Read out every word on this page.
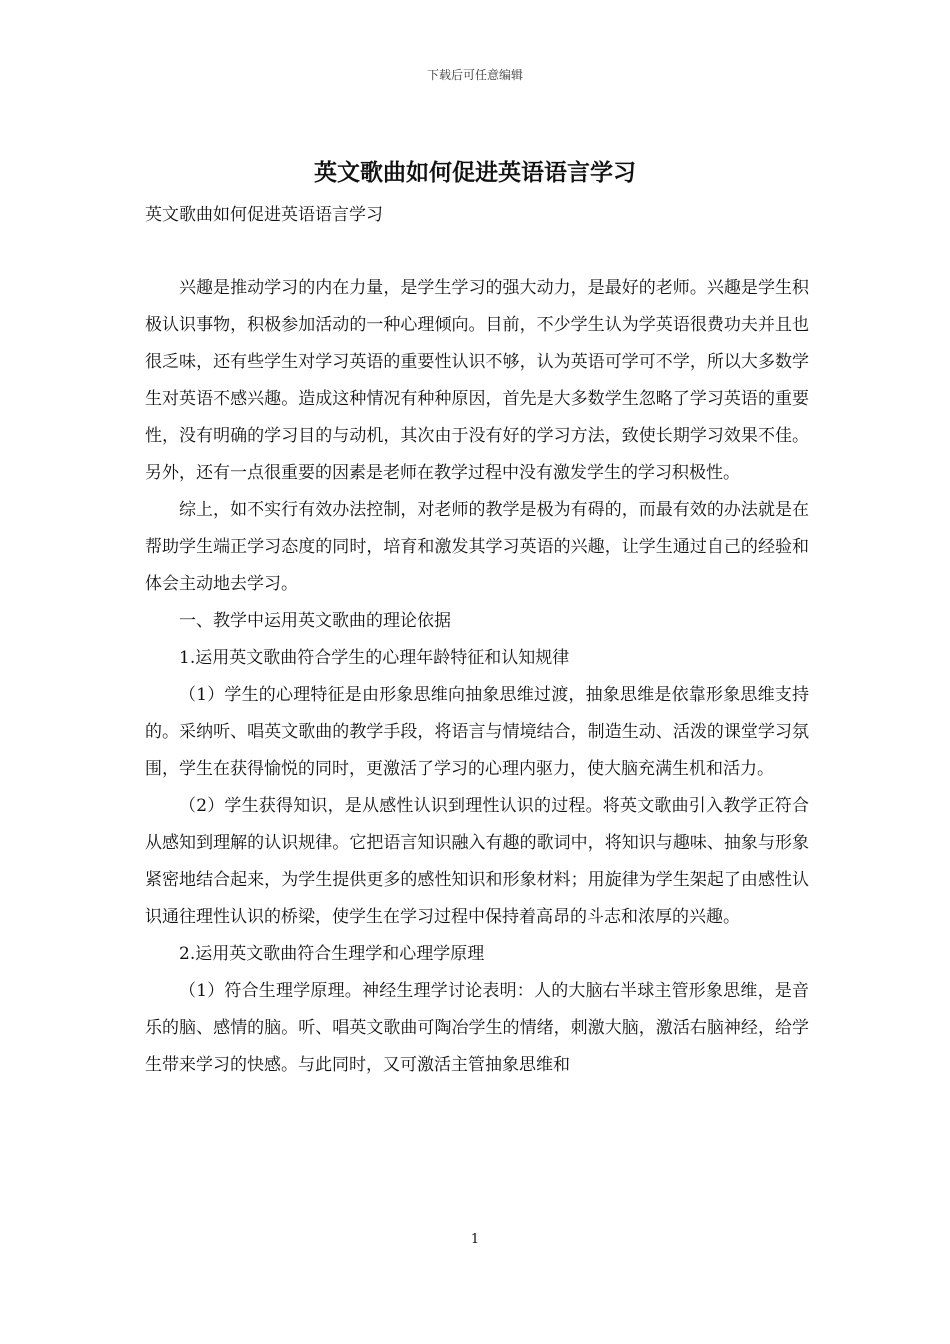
下载后可任意编辑
英文歌曲如何促进英语语言学习
英文歌曲如何促进英语语言学习

兴趣是推动学习的内在力量，是学生学习的强大动力，是最好的老师。兴趣是学生积极认识事物，积极参加活动的一种心理倾向。目前，不少学生认为学英语很费功夫并且也很乏味，还有些学生对学习英语的重要性认识不够，认为英语可学可不学，所以大多数学生对英语不感兴趣。造成这种情况有种种原因，首先是大多数学生忽略了学习英语的重要性，没有明确的学习目的与动机，其次由于没有好的学习方法，致使长期学习效果不佳。另外，还有一点很重要的因素是老师在教学过程中没有激发学生的学习积极性。

综上，如不实行有效办法控制，对老师的教学是极为有碍的，而最有效的办法就是在帮助学生端正学习态度的同时，培育和激发其学习英语的兴趣，让学生通过自己的经验和体会主动地去学习。

一、教学中运用英文歌曲的理论依据

1.运用英文歌曲符合学生的心理年龄特征和认知规律

（1）学生的心理特征是由形象思维向抽象思维过渡，抽象思维是依靠形象思维支持的。采纳听、唱英文歌曲的教学手段，将语言与情境结合，制造生动、活泼的课堂学习氛围，学生在获得愉悦的同时，更激活了学习的心理内驱力，使大脑充满生机和活力。

（2）学生获得知识，是从感性认识到理性认识的过程。将英文歌曲引入教学正符合从感知到理解的认识规律。它把语言知识融入有趣的歌词中，将知识与趣味、抽象与形象紧密地结合起来，为学生提供更多的感性知识和形象材料；用旋律为学生架起了由感性认识通往理性认识的桥梁，使学生在学习过程中保持着高昂的斗志和浓厚的兴趣。

2.运用英文歌曲符合生理学和心理学原理

（1）符合生理学原理。神经生理学讨论表明：人的大脑右半球主管形象思维，是音乐的脑、感情的脑。听、唱英文歌曲可陶冶学生的情绪，刺激大脑，激活右脑神经，给学生带来学习的快感。与此同时，又可激活主管抽象思维和

1
